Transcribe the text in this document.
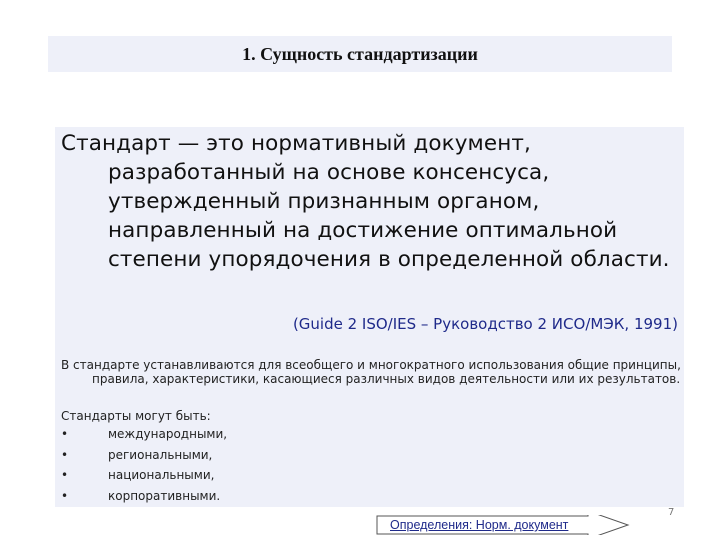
1. Сущность стандартизации
Стандарт — это нормативный документ, разработанный на основе консенсуса, утвержденный признанным органом, направленный на достижение оптимальной степени упорядочения в определенной области.
(Guide 2 ISO/IES – Руководство 2 ИСО/МЭК, 1991)
В стандарте устанавливаются для всеобщего и многократного использования общие принципы, правила, характеристики, касающиеся различных видов деятельности или их результатов.
Стандарты могут быть:
•	международными,
•	региональными,
•	национальными,
•	корпоративными.
Определения: Норм. документ
7
